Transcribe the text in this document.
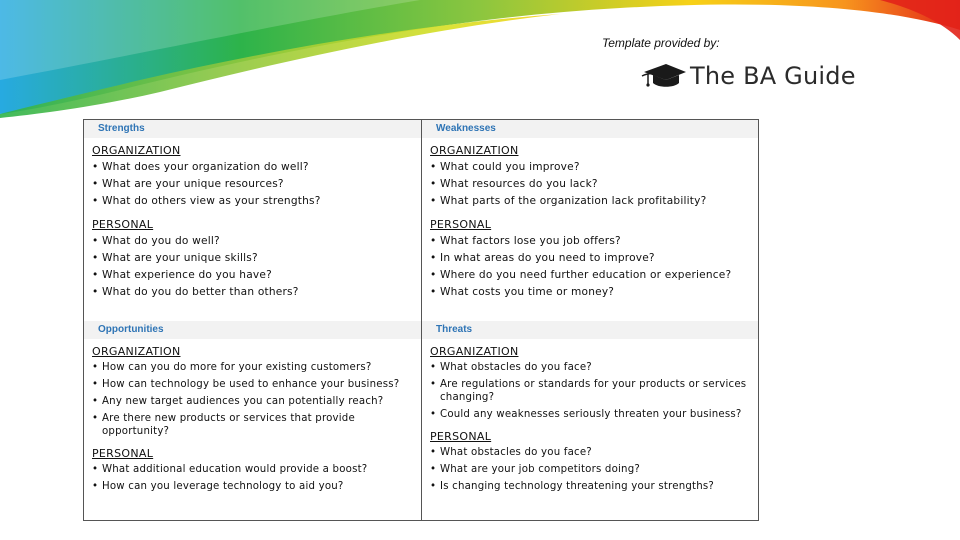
Template provided by:
The BA Guide
Strengths
ORGANIZATION
• What does your organization do well?
• What are your unique resources?
• What do others view as your strengths?
PERSONAL
• What do you do well?
• What are your unique skills?
• What experience do you have?
• What do you do better than others?
Weaknesses
ORGANIZATION
• What could you improve?
• What resources do you lack?
• What parts of the organization lack profitability?
PERSONAL
• What factors lose you job offers?
• In what areas do you need to improve?
• Where do you need further education or experience?
• What costs you time or money?
Opportunities
ORGANIZATION
• How can you do more for your existing customers?
• How can technology be used to enhance your business?
• Any new target audiences you can potentially reach?
• Are there new products or services that provide opportunity?
PERSONAL
• What additional education would provide a boost?
• How can you leverage technology to aid you?
Threats
ORGANIZATION
• What obstacles do you face?
• Are regulations or standards for your products or services changing?
• Could any weaknesses seriously threaten your business?
PERSONAL
• What obstacles do you face?
• What are your job competitors doing?
• Is changing technology threatening your strengths?
